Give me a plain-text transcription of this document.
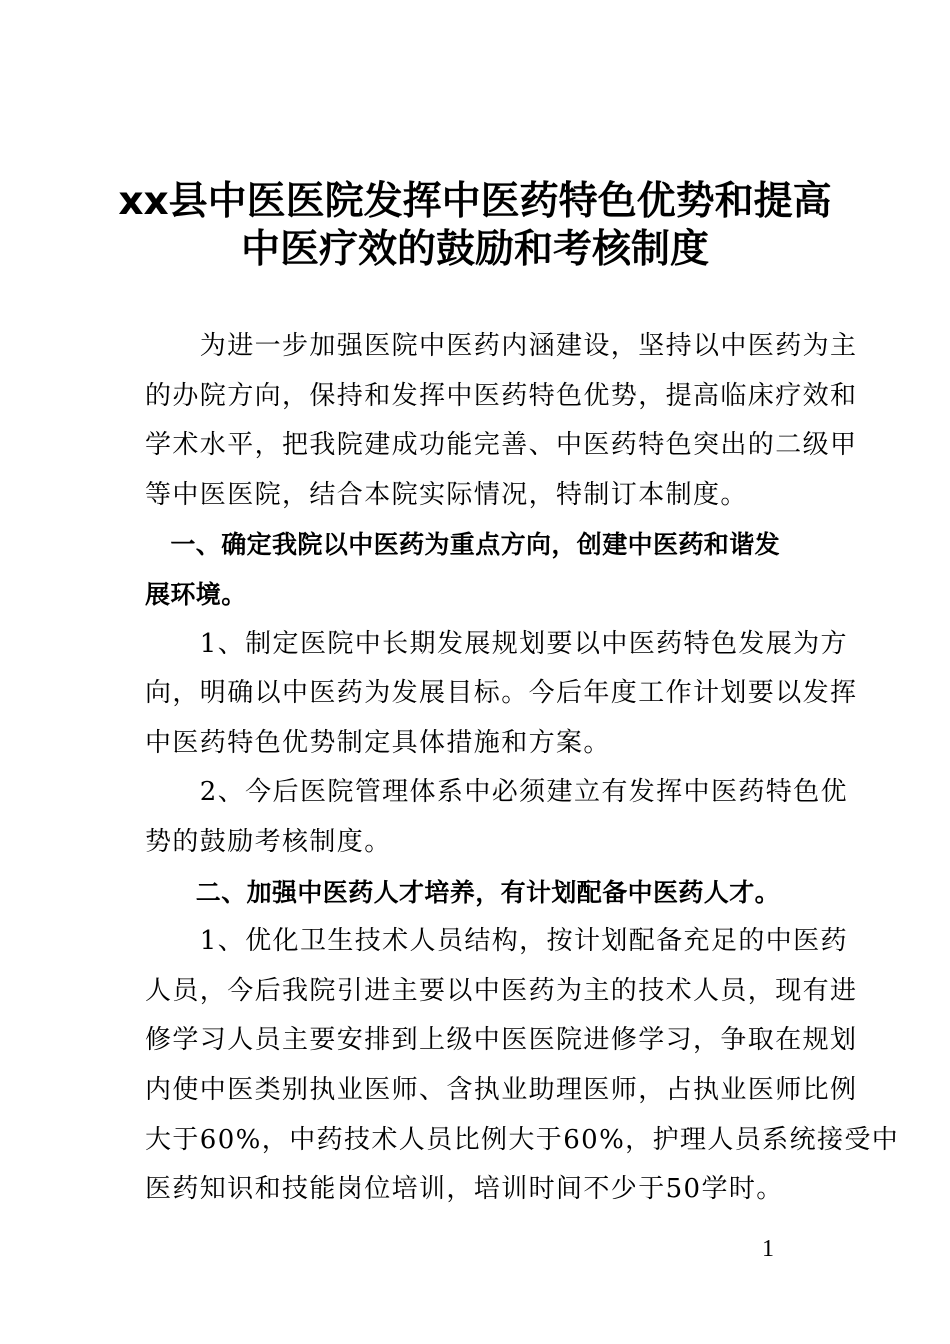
xx县中医医院发挥中医药特色优势和提高
中医疗效的鼓励和考核制度
　　为进一步加强医院中医药内涵建设，坚持以中医药为主
的办院方向，保持和发挥中医药特色优势，提高临床疗效和
学术水平，把我院建成功能完善、中医药特色突出的二级甲
等中医医院，结合本院实际情况，特制订本制度。
　一、确定我院以中医药为重点方向，创建中医药和谐发
展环境。
　　1、制定医院中长期发展规划要以中医药特色发展为方
向，明确以中医药为发展目标。今后年度工作计划要以发挥
中医药特色优势制定具体措施和方案。
　　2、今后医院管理体系中必须建立有发挥中医药特色优
势的鼓励考核制度。
　　二、加强中医药人才培养，有计划配备中医药人才。
　　1、优化卫生技术人员结构，按计划配备充足的中医药
人员，今后我院引进主要以中医药为主的技术人员，现有进
修学习人员主要安排到上级中医医院进修学习，争取在规划
内使中医类别执业医师、含执业助理医师，占执业医师比例
大于60%，中药技术人员比例大于60%，护理人员系统接受中
医药知识和技能岗位培训，培训时间不少于50学时。
1
